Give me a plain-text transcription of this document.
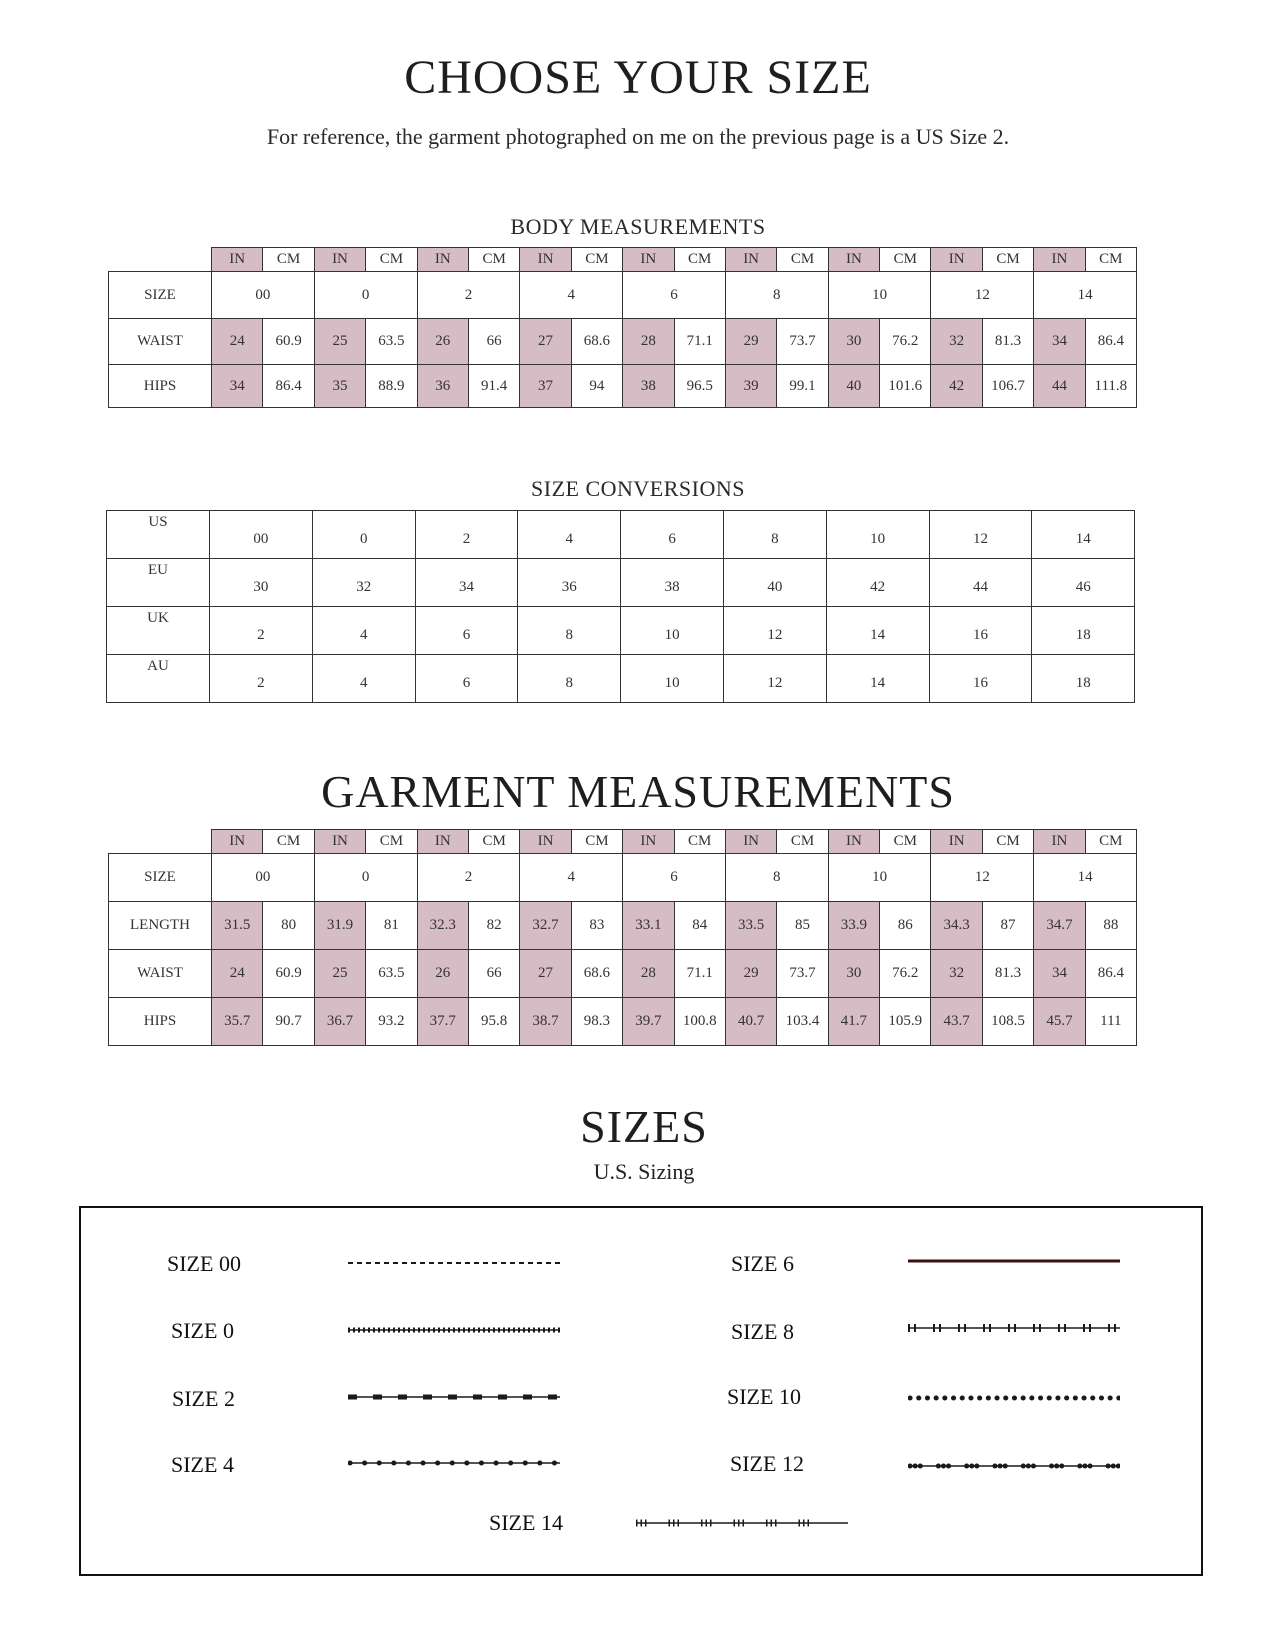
CHOOSE YOUR SIZE
For reference, the garment photographed on me on the previous page is a US Size 2.
BODY MEASUREMENTS
	IN	CM	IN	CM	IN	CM	IN	CM	IN	CM	IN	CM	IN	CM	IN	CM	IN	CM
SIZE	00		0		2		4		6		8		10		12		14	
WAIST	24	60.9	25	63.5	26	66	27	68.6	28	71.1	29	73.7	30	76.2	32	81.3	34	86.4
HIPS	34	86.4	35	88.9	36	91.4	37	94	38	96.5	39	99.1	40	101.6	42	106.7	44	111.8
SIZE CONVERSIONS
US	00	0	2	4	6	8	10	12	14
EU	30	32	34	36	38	40	42	44	46
UK	2	4	6	8	10	12	14	16	18
AU	2	4	6	8	10	12	14	16	18
GARMENT MEASUREMENTS
	IN	CM	IN	CM	IN	CM	IN	CM	IN	CM	IN	CM	IN	CM	IN	CM	IN	CM
SIZE	00		0		2		4		6		8		10		12		14	
LENGTH	31.5	80	31.9	81	32.3	82	32.7	83	33.1	84	33.5	85	33.9	86	34.3	87	34.7	88
WAIST	24	60.9	25	63.5	26	66	27	68.6	28	71.1	29	73.7	30	76.2	32	81.3	34	86.4
HIPS	35.7	90.7	36.7	93.2	37.7	95.8	38.7	98.3	39.7	100.8	40.7	103.4	41.7	105.9	43.7	108.5	45.7	111
SIZES
U.S. Sizing
SIZE 00
SIZE 0
SIZE 2
SIZE 4
SIZE 6
SIZE 8
SIZE 10
SIZE 12
SIZE 14
